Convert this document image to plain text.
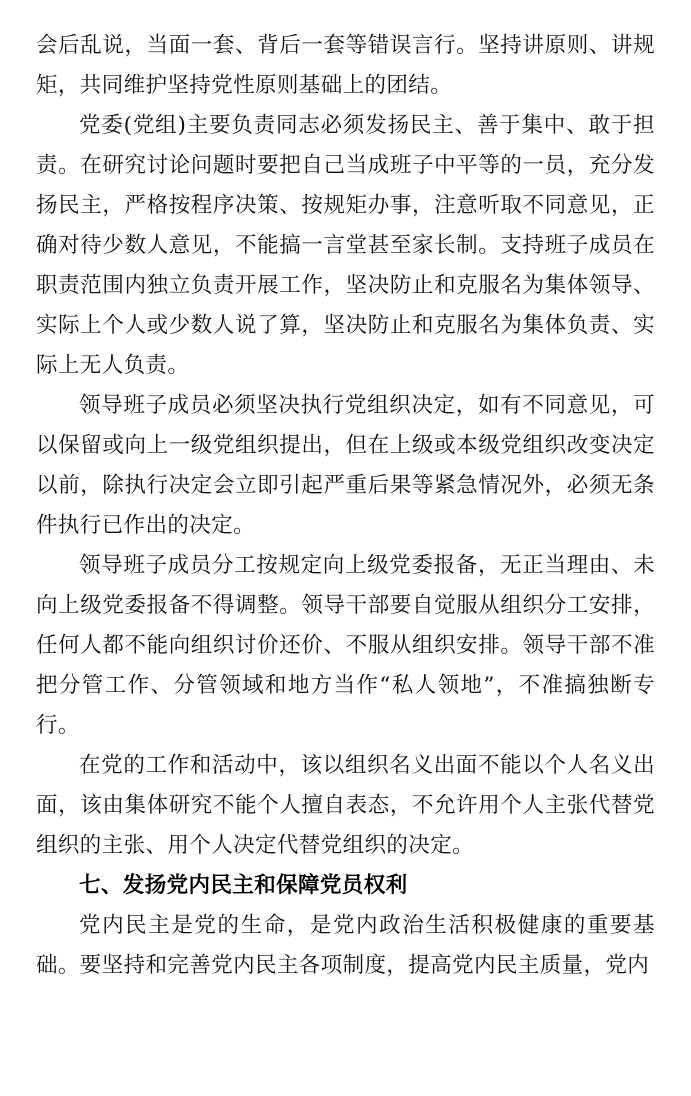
会后乱说，当面一套、背后一套等错误言行。坚持讲原则、讲规矩，共同维护坚持党性原则基础上的团结。

党委(党组)主要负责同志必须发扬民主、善于集中、敢于担责。在研究讨论问题时要把自己当成班子中平等的一员，充分发扬民主，严格按程序决策、按规矩办事，注意听取不同意见，正确对待少数人意见，不能搞一言堂甚至家长制。支持班子成员在职责范围内独立负责开展工作，坚决防止和克服名为集体领导、实际上个人或少数人说了算，坚决防止和克服名为集体负责、实际上无人负责。

领导班子成员必须坚决执行党组织决定，如有不同意见，可以保留或向上一级党组织提出，但在上级或本级党组织改变决定以前，除执行决定会立即引起严重后果等紧急情况外，必须无条件执行已作出的决定。

领导班子成员分工按规定向上级党委报备，无正当理由、未向上级党委报备不得调整。领导干部要自觉服从组织分工安排，任何人都不能向组织讨价还价、不服从组织安排。领导干部不准把分管工作、分管领域和地方当作“私人领地”，不准搞独断专行。

在党的工作和活动中，该以组织名义出面不能以个人名义出面，该由集体研究不能个人擅自表态，不允许用个人主张代替党组织的主张、用个人决定代替党组织的决定。

七、发扬党内民主和保障党员权利

党内民主是党的生命，是党内政治生活积极健康的重要基础。要坚持和完善党内民主各项制度，提高党内民主质量，党内
